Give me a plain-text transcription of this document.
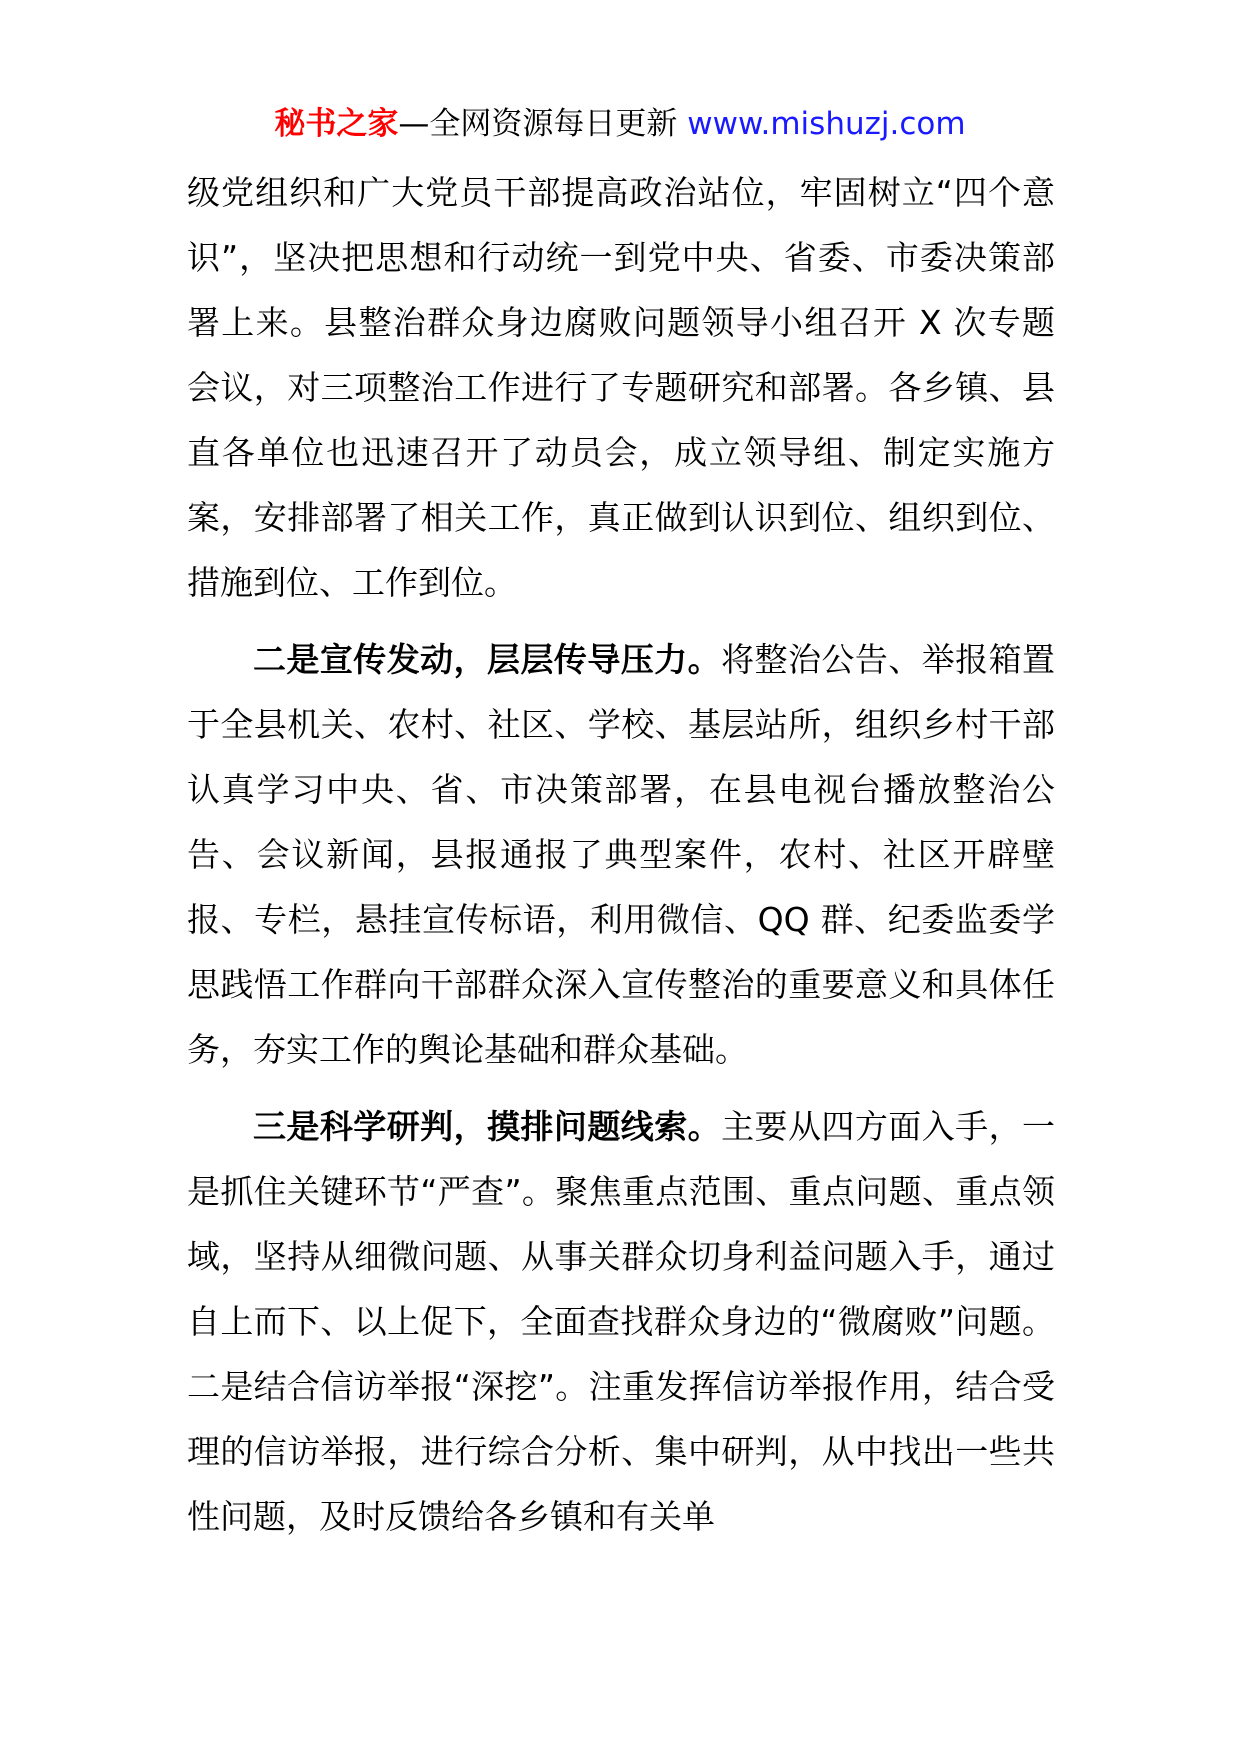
秘书之家—全网资源每日更新 www.mishuzj.com

级党组织和广大党员干部提高政治站位，牢固树立“四个意识”，坚决把思想和行动统一到党中央、省委、市委决策部署上来。县整治群众身边腐败问题领导小组召开 X 次专题会议，对三项整治工作进行了专题研究和部署。各乡镇、县直各单位也迅速召开了动员会，成立领导组、制定实施方案，安排部署了相关工作，真正做到认识到位、组织到位、措施到位、工作到位。

二是宣传发动，层层传导压力。将整治公告、举报箱置于全县机关、农村、社区、学校、基层站所，组织乡村干部认真学习中央、省、市决策部署，在县电视台播放整治公告、会议新闻，县报通报了典型案件，农村、社区开辟壁报、专栏，悬挂宣传标语，利用微信、QQ 群、纪委监委学思践悟工作群向干部群众深入宣传整治的重要意义和具体任务，夯实工作的舆论基础和群众基础。

三是科学研判，摸排问题线索。主要从四方面入手，一是抓住关键环节“严查”。聚焦重点范围、重点问题、重点领域，坚持从细微问题、从事关群众切身利益问题入手，通过自上而下、以上促下，全面查找群众身边的“微腐败”问题。二是结合信访举报“深挖”。注重发挥信访举报作用，结合受理的信访举报，进行综合分析、集中研判，从中找出一些共性问题，及时反馈给各乡镇和有关单
